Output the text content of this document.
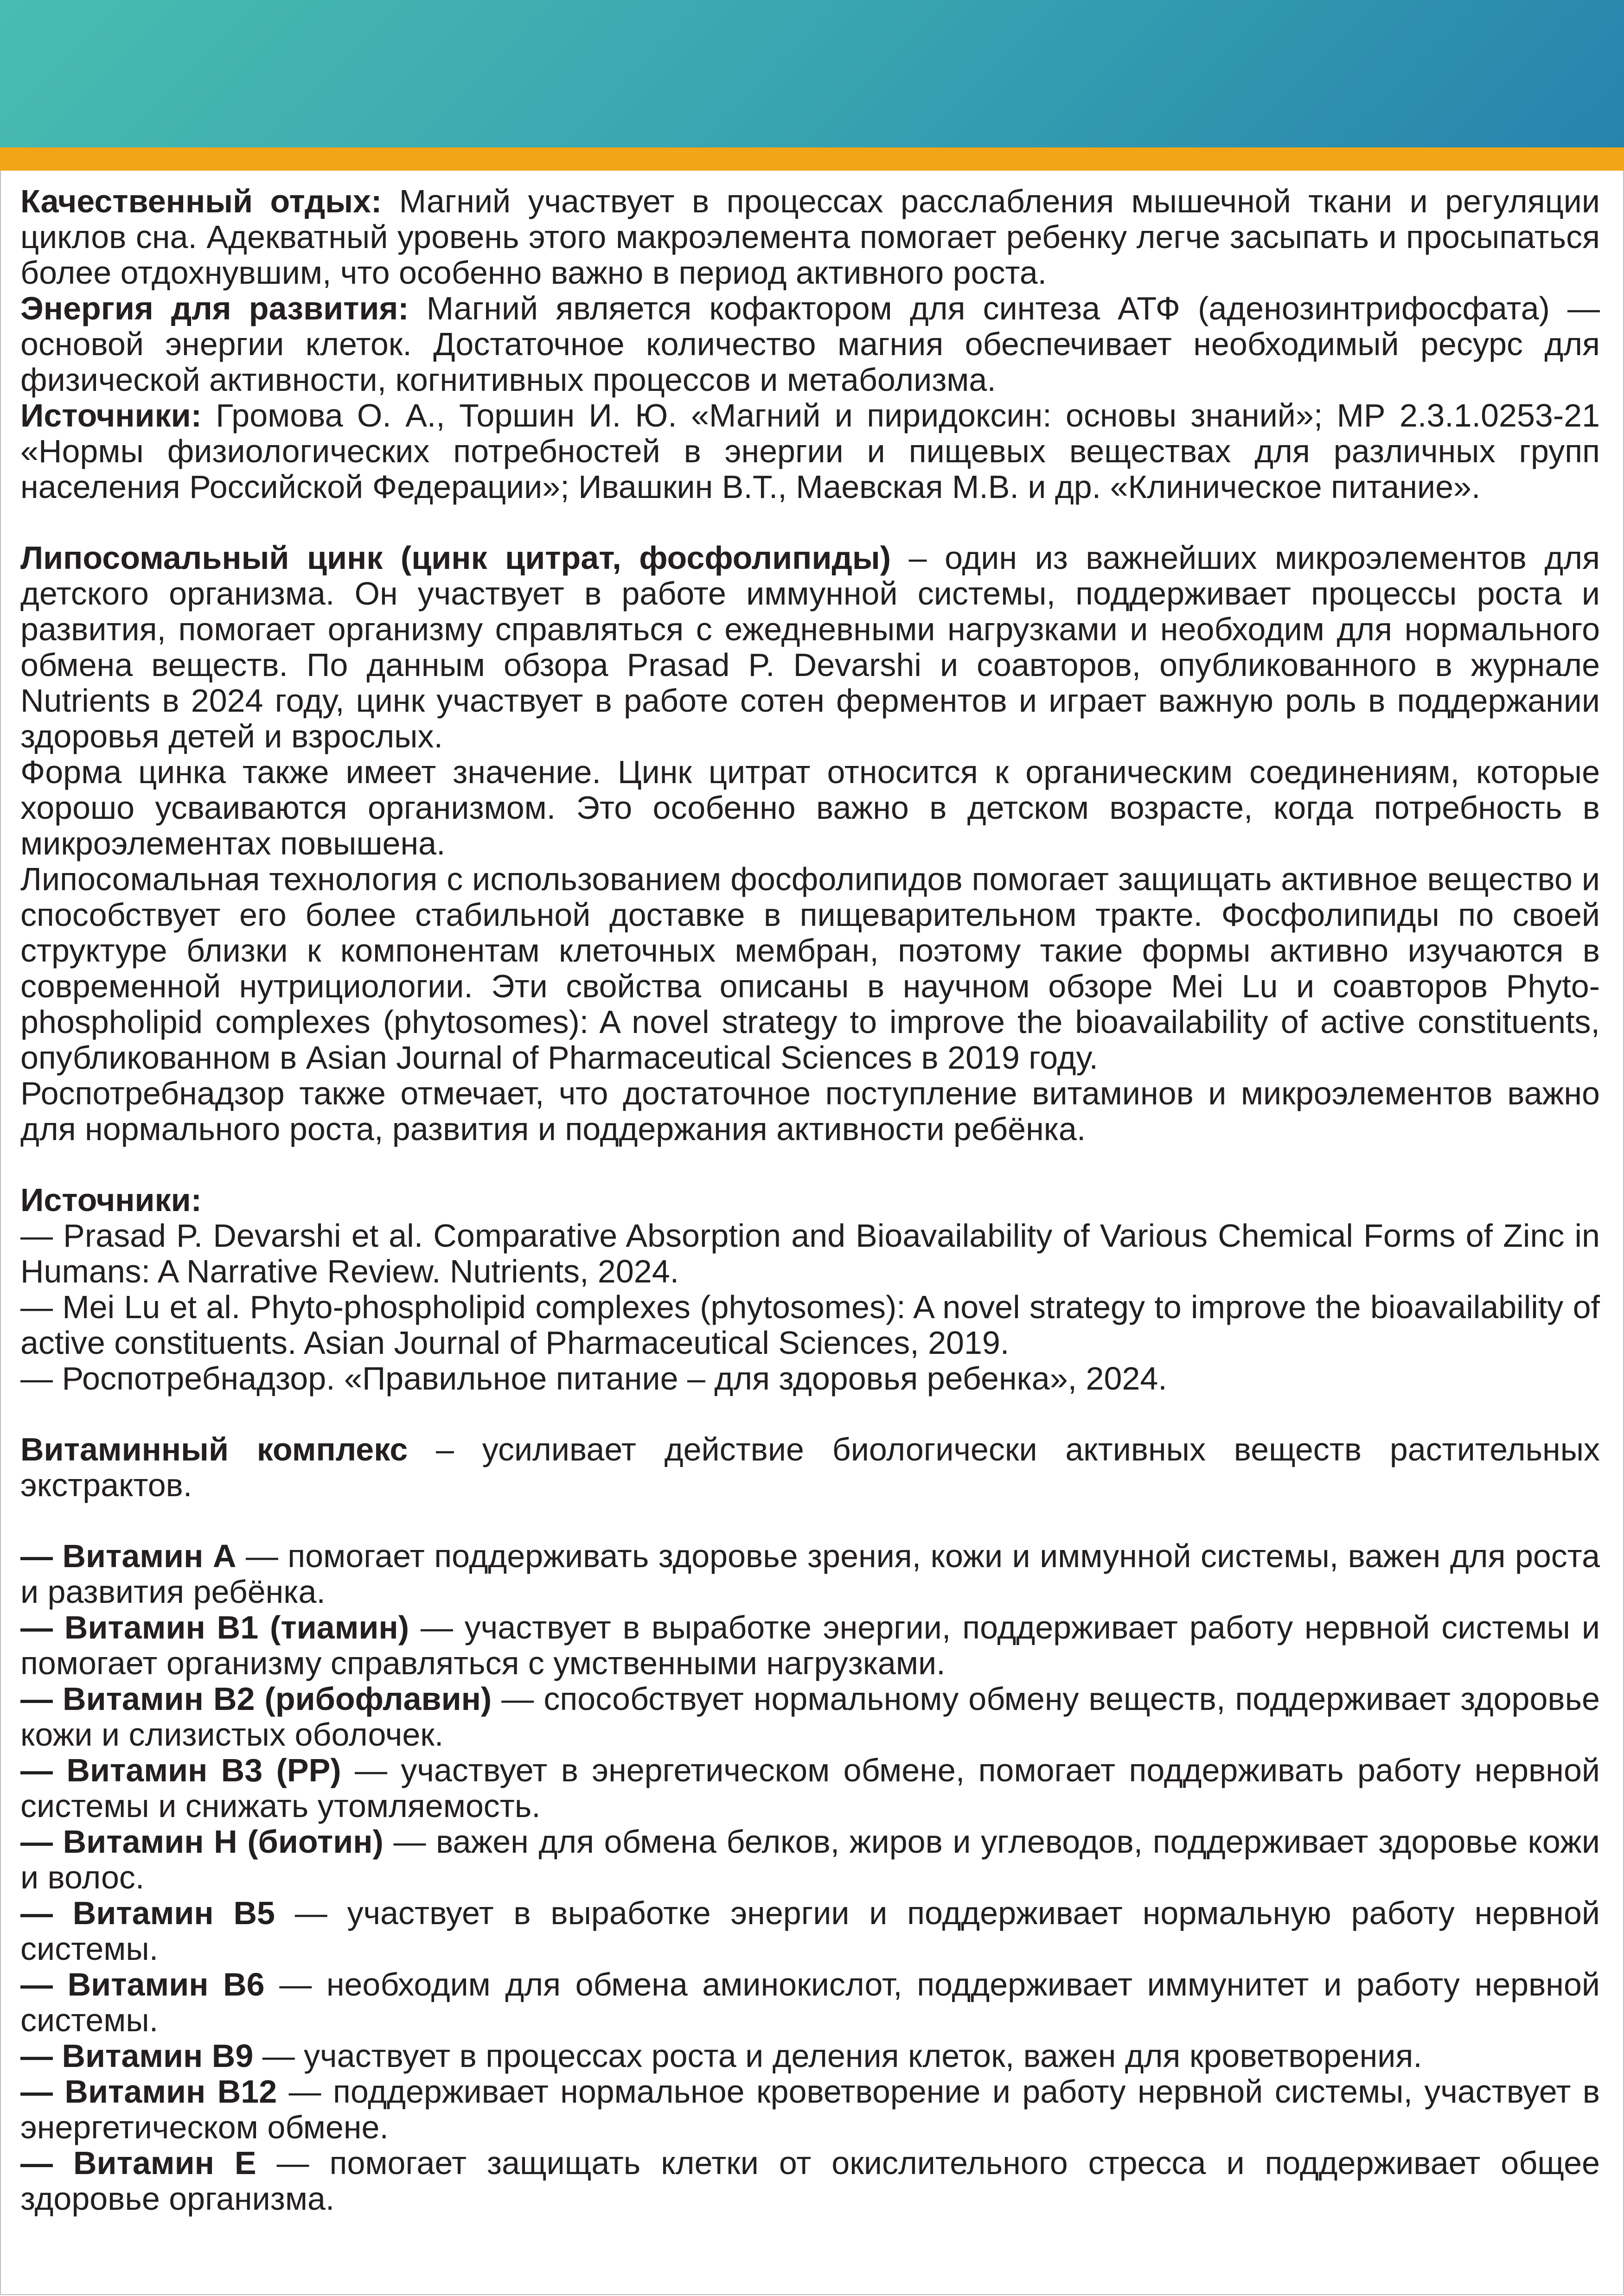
Качественный отдых: Магний участвует в процессах расслабления мышечной ткани и регуляции циклов сна. Адекватный уровень этого макроэлемента помогает ребенку легче засыпать и просыпаться более отдохнувшим, что особенно важно в период активного роста.

Энергия для развития: Магний является кофактором для синтеза АТФ (аденозинтрифосфата) — основой энергии клеток. Достаточное количество магния обеспечивает необходимый ресурс для физической активности, когнитивных процессов и метаболизма.

Источники: Громова О. А., Торшин И. Ю. «Магний и пиридоксин: основы знаний»; МР 2.3.1.0253-21 «Нормы физиологических потребностей в энергии и пищевых веществах для различных групп населения Российской Федерации»; Ивашкин В.Т., Маевская М.В. и др. «Клиническое питание».

Липосомальный цинк (цинк цитрат, фосфолипиды) – один из важнейших микроэлементов для детского организма. Он участвует в работе иммунной системы, поддерживает процессы роста и развития, помогает организму справляться с ежедневными нагрузками и необходим для нормального обмена веществ. По данным обзора Prasad P. Devarshi и соавторов, опубликованного в журнале Nutrients в 2024 году, цинк участвует в работе сотен ферментов и играет важную роль в поддержании здоровья детей и взрослых.

Форма цинка также имеет значение. Цинк цитрат относится к органическим соединениям, которые хорошо усваиваются организмом. Это особенно важно в детском возрасте, когда потребность в микроэлементах повышена.

Липосомальная технология с использованием фосфолипидов помогает защищать активное вещество и способствует его более стабильной доставке в пищеварительном тракте. Фосфолипиды по своей структуре близки к компонентам клеточных мембран, поэтому такие формы активно изучаются в современной нутрициологии. Эти свойства описаны в научном обзоре Mei Lu и соавторов Phyto-phospholipid complexes (phytosomes): A novel strategy to improve the bioavailability of active constituents, опубликованном в Asian Journal of Pharmaceutical Sciences в 2019 году.

Роспотребнадзор также отмечает, что достаточное поступление витаминов и микроэлементов важно для нормального роста, развития и поддержания активности ребёнка.

Источники:

— Prasad P. Devarshi et al. Comparative Absorption and Bioavailability of Various Chemical Forms of Zinc in Humans: A Narrative Review. Nutrients, 2024.

— Mei Lu et al. Phyto-phospholipid complexes (phytosomes): A novel strategy to improve the bioavailability of active constituents. Asian Journal of Pharmaceutical Sciences, 2019.

— Роспотребнадзор. «Правильное питание – для здоровья ребенка», 2024.

Витаминный комплекс – усиливает действие биологически активных веществ растительных экстрактов.

— Витамин A — помогает поддерживать здоровье зрения, кожи и иммунной системы, важен для роста и развития ребёнка.

— Витамин B1 (тиамин) — участвует в выработке энергии, поддерживает работу нервной системы и помогает организму справляться с умственными нагрузками.

— Витамин B2 (рибофлавин) — способствует нормальному обмену веществ, поддерживает здоровье кожи и слизистых оболочек.

— Витамин B3 (PP) — участвует в энергетическом обмене, помогает поддерживать работу нервной системы и снижать утомляемость.

— Витамин H (биотин) — важен для обмена белков, жиров и углеводов, поддерживает здоровье кожи и волос.

— Витамин B5 — участвует в выработке энергии и поддерживает нормальную работу нервной системы.

— Витамин B6 — необходим для обмена аминокислот, поддерживает иммунитет и работу нервной системы.

— Витамин B9 — участвует в процессах роста и деления клеток, важен для кроветворения.

— Витамин B12 — поддерживает нормальное кроветворение и работу нервной системы, участвует в энергетическом обмене.

— Витамин E — помогает защищать клетки от окислительного стресса и поддерживает общее здоровье организма.
